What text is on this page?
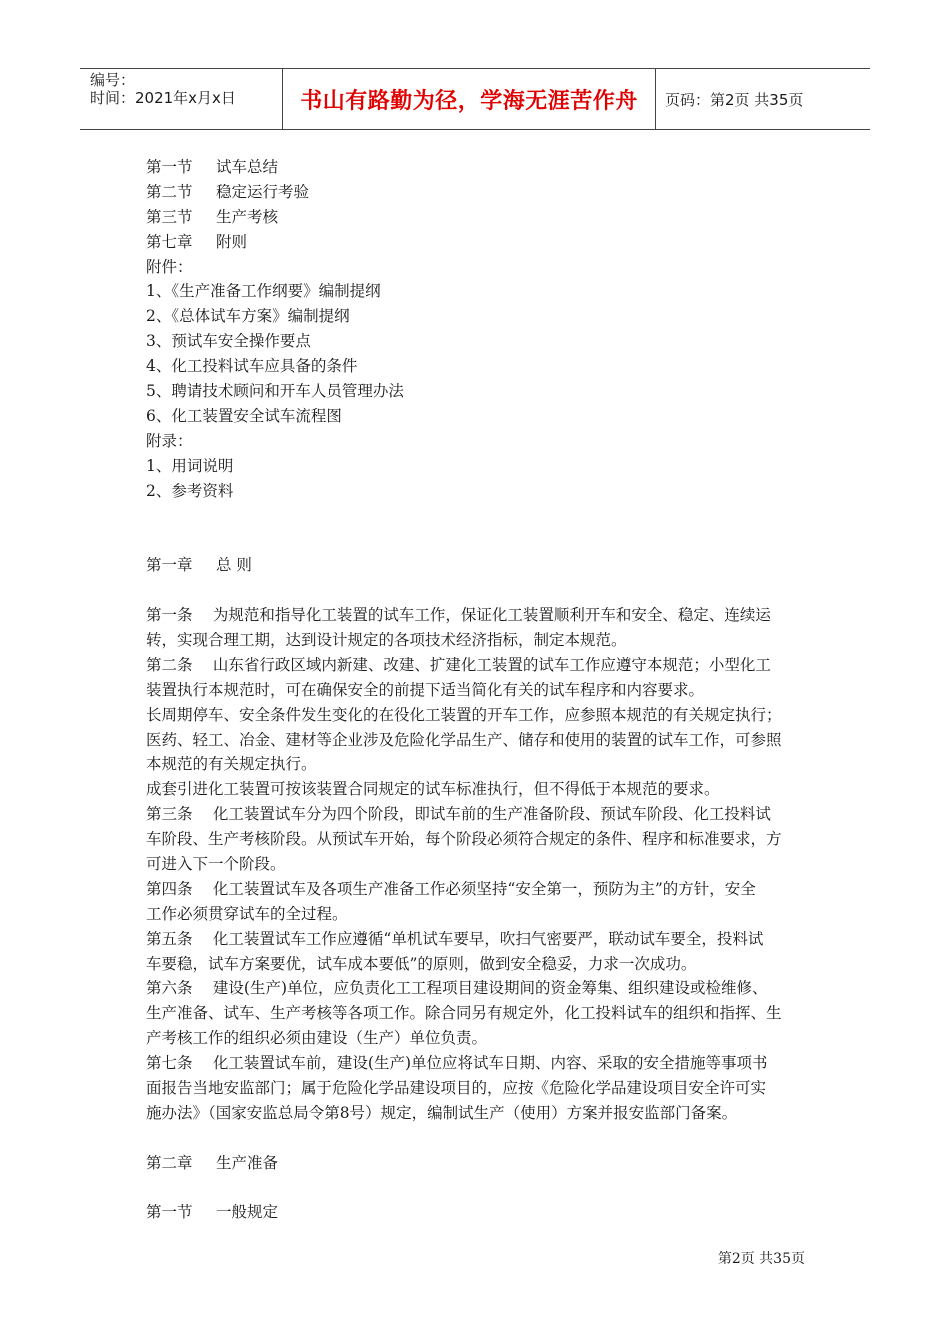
编号：
时间：2021年x月x日	书山有路勤为径，学海无涯苦作舟 页码：第2页 共35页
第一节 试车总结
第二节 稳定运行考验
第三节 生产考核
第七章 附则
附件：
1、《生产准备工作纲要》编制提纲
2、《总体试车方案》编制提纲
3、预试车安全操作要点
4、化工投料试车应具备的条件
5、聘请技术顾问和开车人员管理办法
6、化工装置安全试车流程图
附录：
1、用词说明
2、参考资料
第一章 总 则
第一条　 为规范和指导化工装置的试车工作，保证化工装置顺利开车和安全、稳定、连续运
转，实现合理工期，达到设计规定的各项技术经济指标，制定本规范。
第二条　 山东省行政区域内新建、改建、扩建化工装置的试车工作应遵守本规范；小型化工
装置执行本规范时，可在确保安全的前提下适当简化有关的试车程序和内容要求。
长周期停车、安全条件发生变化的在役化工装置的开车工作，应参照本规范的有关规定执行；
医药、轻工、冶金、建材等企业涉及危险化学品生产、储存和使用的装置的试车工作，可参照
本规范的有关规定执行。
成套引进化工装置可按该装置合同规定的试车标准执行，但不得低于本规范的要求。
第三条　 化工装置试车分为四个阶段，即试车前的生产准备阶段、预试车阶段、化工投料试
车阶段、生产考核阶段。从预试车开始，每个阶段必须符合规定的条件、程序和标准要求，方
可进入下一个阶段。
第四条　 化工装置试车及各项生产准备工作必须坚持“安全第一，预防为主”的方针，安全
工作必须贯穿试车的全过程。
第五条　 化工装置试车工作应遵循“单机试车要早，吹扫气密要严，联动试车要全，投料试
车要稳，试车方案要优，试车成本要低”的原则，做到安全稳妥，力求一次成功。
第六条　 建设(生产)单位，应负责化工工程项目建设期间的资金筹集、组织建设或检维修、
生产准备、试车、生产考核等各项工作。除合同另有规定外，化工投料试车的组织和指挥、生
产考核工作的组织必须由建设（生产）单位负责。
第七条　 化工装置试车前，建设(生产)单位应将试车日期、内容、采取的安全措施等事项书
面报告当地安监部门；属于危险化学品建设项目的，应按《危险化学品建设项目安全许可实
施办法》（国家安监总局令第8号）规定，编制试生产（使用）方案并报安监部门备案。
第二章 生产准备
第一节 一般规定
第2页 共35页
